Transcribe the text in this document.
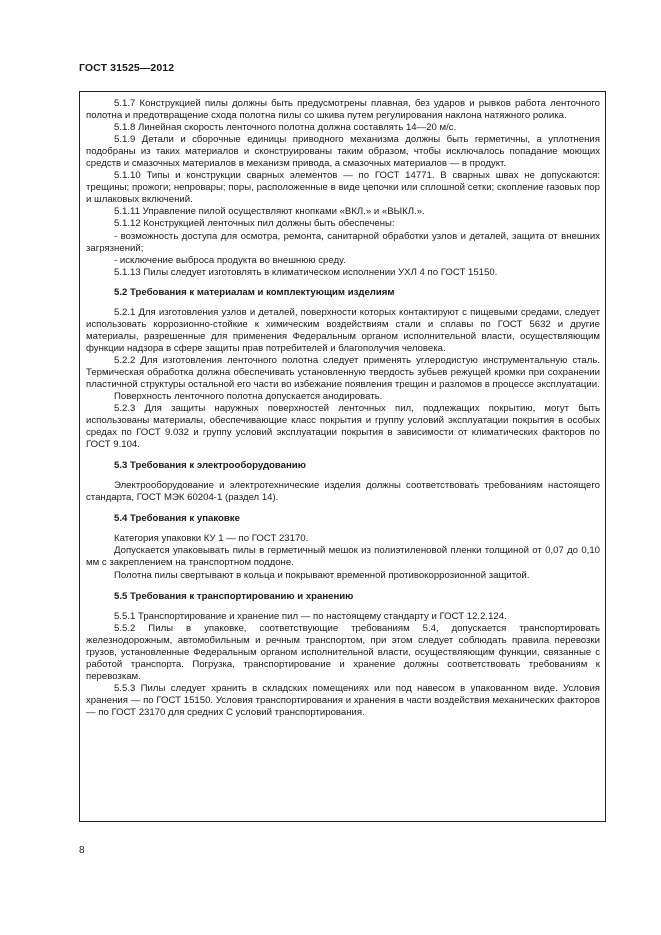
ГОСТ 31525—2012

5.1.7 Конструкцией пилы должны быть предусмотрены плавная, без ударов и рывков работа ленточного полотна и предотвращение схода полотна пилы со шкива путем регулирования наклона натяжного ролика.

5.1.8 Линейная скорость ленточного полотна должна составлять 14—20 м/с.

5.1.9 Детали и сборочные единицы приводного механизма должны быть герметичны, а уплотнения подобраны из таких материалов и сконструированы таким образом, чтобы исключалось попадание моющих средств и смазочных материалов в механизм привода, а смазочных материалов — в продукт.

5.1.10 Типы и конструкции сварных элементов — по ГОСТ 14771. В сварных швах не допускаются: трещины; прожоги; непровары; поры, расположенные в виде цепочки или сплошной сетки; скопление газовых пор и шлаковых включений.

5.1.11 Управление пилой осуществляют кнопками «ВКЛ.» и «ВЫКЛ.».

5.1.12 Конструкцией ленточных пил должны быть обеспечены:

- возможность доступа для осмотра, ремонта, санитарной обработки узлов и деталей, защита от внешних загрязнений;

- исключение выброса продукта во внешнюю среду.

5.1.13 Пилы следует изготовлять в климатическом исполнении УХЛ 4 по ГОСТ 15150.

5.2 Требования к материалам и комплектующим изделиям

5.2.1 Для изготовления узлов и деталей, поверхности которых контактируют с пищевыми средами, следует использовать коррозионно-стойкие к химическим воздействиям стали и сплавы по ГОСТ 5632 и другие материалы, разрешенные для применения Федеральным органом исполнительной власти, осуществляющим функции надзора в сфере защиты прав потребителей и благополучия человека.

5.2.2 Для изготовления ленточного полотна следует применять углеродистую инструментальную сталь. Термическая обработка должна обеспечивать установленную твердость зубьев режущей кромки при сохранении пластичной структуры остальной его части во избежание появления трещин и разломов в процессе эксплуатации.

Поверхность ленточного полотна допускается анодировать.

5.2.3 Для защиты наружных поверхностей ленточных пил, подлежащих покрытию, могут быть использованы материалы, обеспечивающие класс покрытия и группу условий эксплуатации покрытия в особых средах по ГОСТ 9.032 и группу условий эксплуатации покрытия в зависимости от климатических факторов по ГОСТ 9.104.

5.3 Требования к электрооборудованию

Электрооборудование и электротехнические изделия должны соответствовать требованиям настоящего стандарта, ГОСТ МЭК 60204-1 (раздел 14).

5.4 Требования к упаковке

Категория упаковки КУ 1 — по ГОСТ 23170.

Допускается упаковывать пилы в герметичный мешок из полиэтиленовой пленки толщиной от 0,07 до 0,10 мм с закреплением на транспортном поддоне.

Полотна пилы свертывают в кольца и покрывают временной противокоррозионной защитой.

5.5 Требования к транспортированию и хранению

5.5.1 Транспортирование и хранение пил — по настоящему стандарту и ГОСТ 12.2.124.

5.5.2 Пилы в упаковке, соответствующие требованиям 5.4, допускается транспортировать железнодорожным, автомобильным и речным транспортом, при этом следует соблюдать правила перевозки грузов, установленные Федеральным органом исполнительной власти, осуществляющим функции, связанные с работой транспорта. Погрузка, транспортирование и хранение должны соответствовать требованиям к перевозкам.

5.5.3 Пилы следует хранить в складских помещениях или под навесом в упакованном виде. Условия хранения — по ГОСТ 15150. Условия транспортирования и хранения в части воздействия механических факторов — по ГОСТ 23170 для средних С условий транспортирования.

8
